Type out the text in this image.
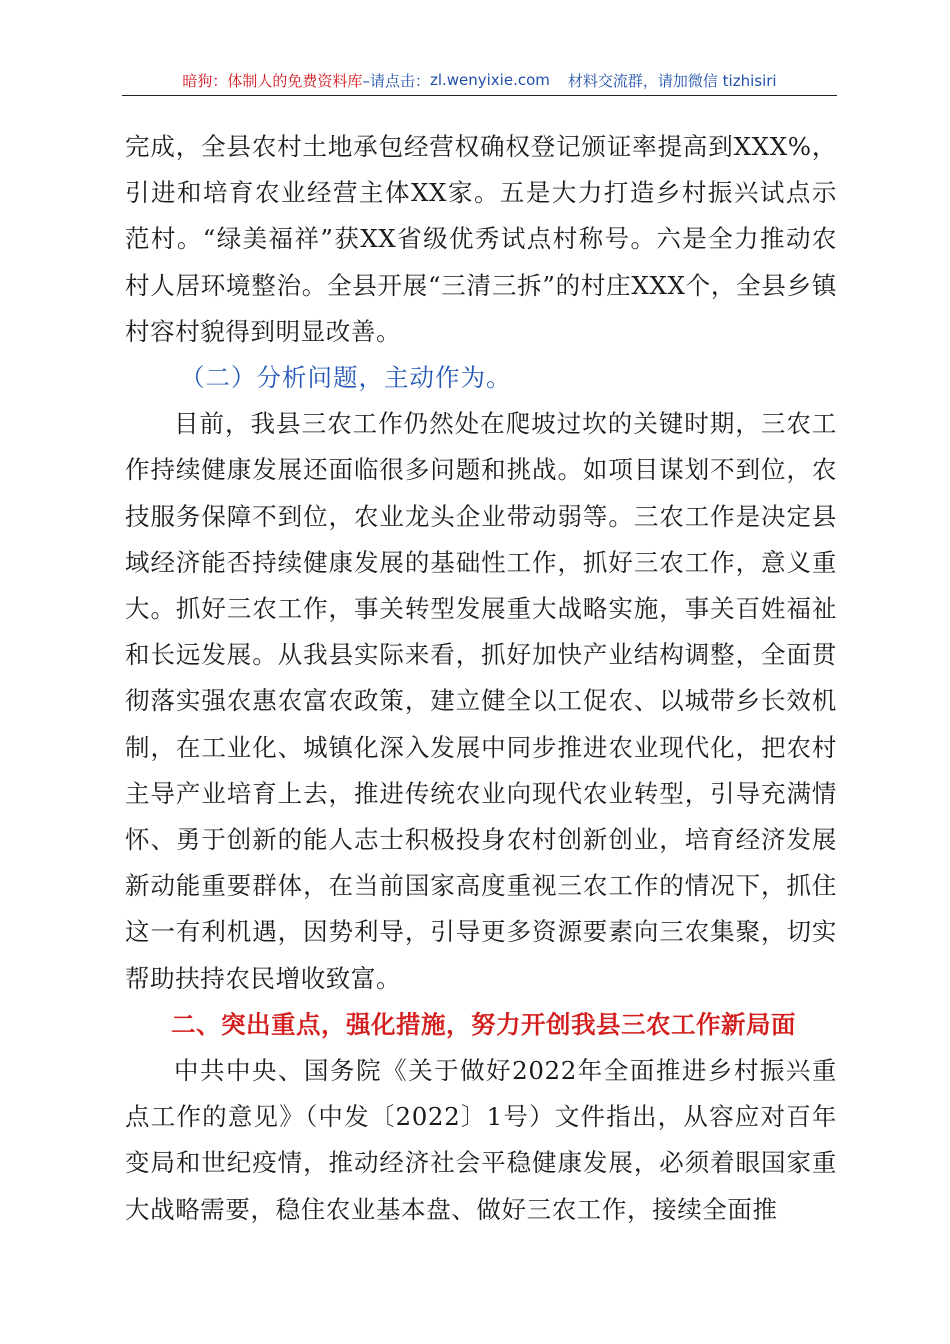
暗狗：体制人的免费资料库 –请点击： zl.wenyixie.com 材料交流群，请加微信 tizhisiri

完成，全县农村土地承包经营权确权登记颁证率提高到XXX%，引进和培育农业经营主体XX家。五是大力打造乡村振兴试点示范村。“绿美福祥”获XX省级优秀试点村称号。六是全力推动农村人居环境整治。全县开展“三清三拆”的村庄XXX个，全县乡镇村容村貌得到明显改善。

（二）分析问题，主动作为。

目前，我县三农工作仍然处在爬坡过坎的关键时期，三农工作持续健康发展还面临很多问题和挑战。如项目谋划不到位，农技服务保障不到位，农业龙头企业带动弱等。三农工作是决定县域经济能否持续健康发展的基础性工作，抓好三农工作，意义重大。抓好三农工作，事关转型发展重大战略实施，事关百姓福祉和长远发展。从我县实际来看，抓好加快产业结构调整，全面贯彻落实强农惠农富农政策，建立健全以工促农、以城带乡长效机制，在工业化、城镇化深入发展中同步推进农业现代化，把农村主导产业培育上去，推进传统农业向现代农业转型，引导充满情怀、勇于创新的能人志士积极投身农村创新创业，培育经济发展新动能重要群体，在当前国家高度重视三农工作的情况下，抓住这一有利机遇，因势利导，引导更多资源要素向三农集聚，切实帮助扶持农民增收致富。

二、突出重点，强化措施，努力开创我县三农工作新局面

中共中央、国务院《关于做好2022年全面推进乡村振兴重点工作的意见》（中发〔2022〕1号）文件指出，从容应对百年变局和世纪疫情，推动经济社会平稳健康发展，必须着眼国家重大战略需要，稳住农业基本盘、做好三农工作，接续全面推
